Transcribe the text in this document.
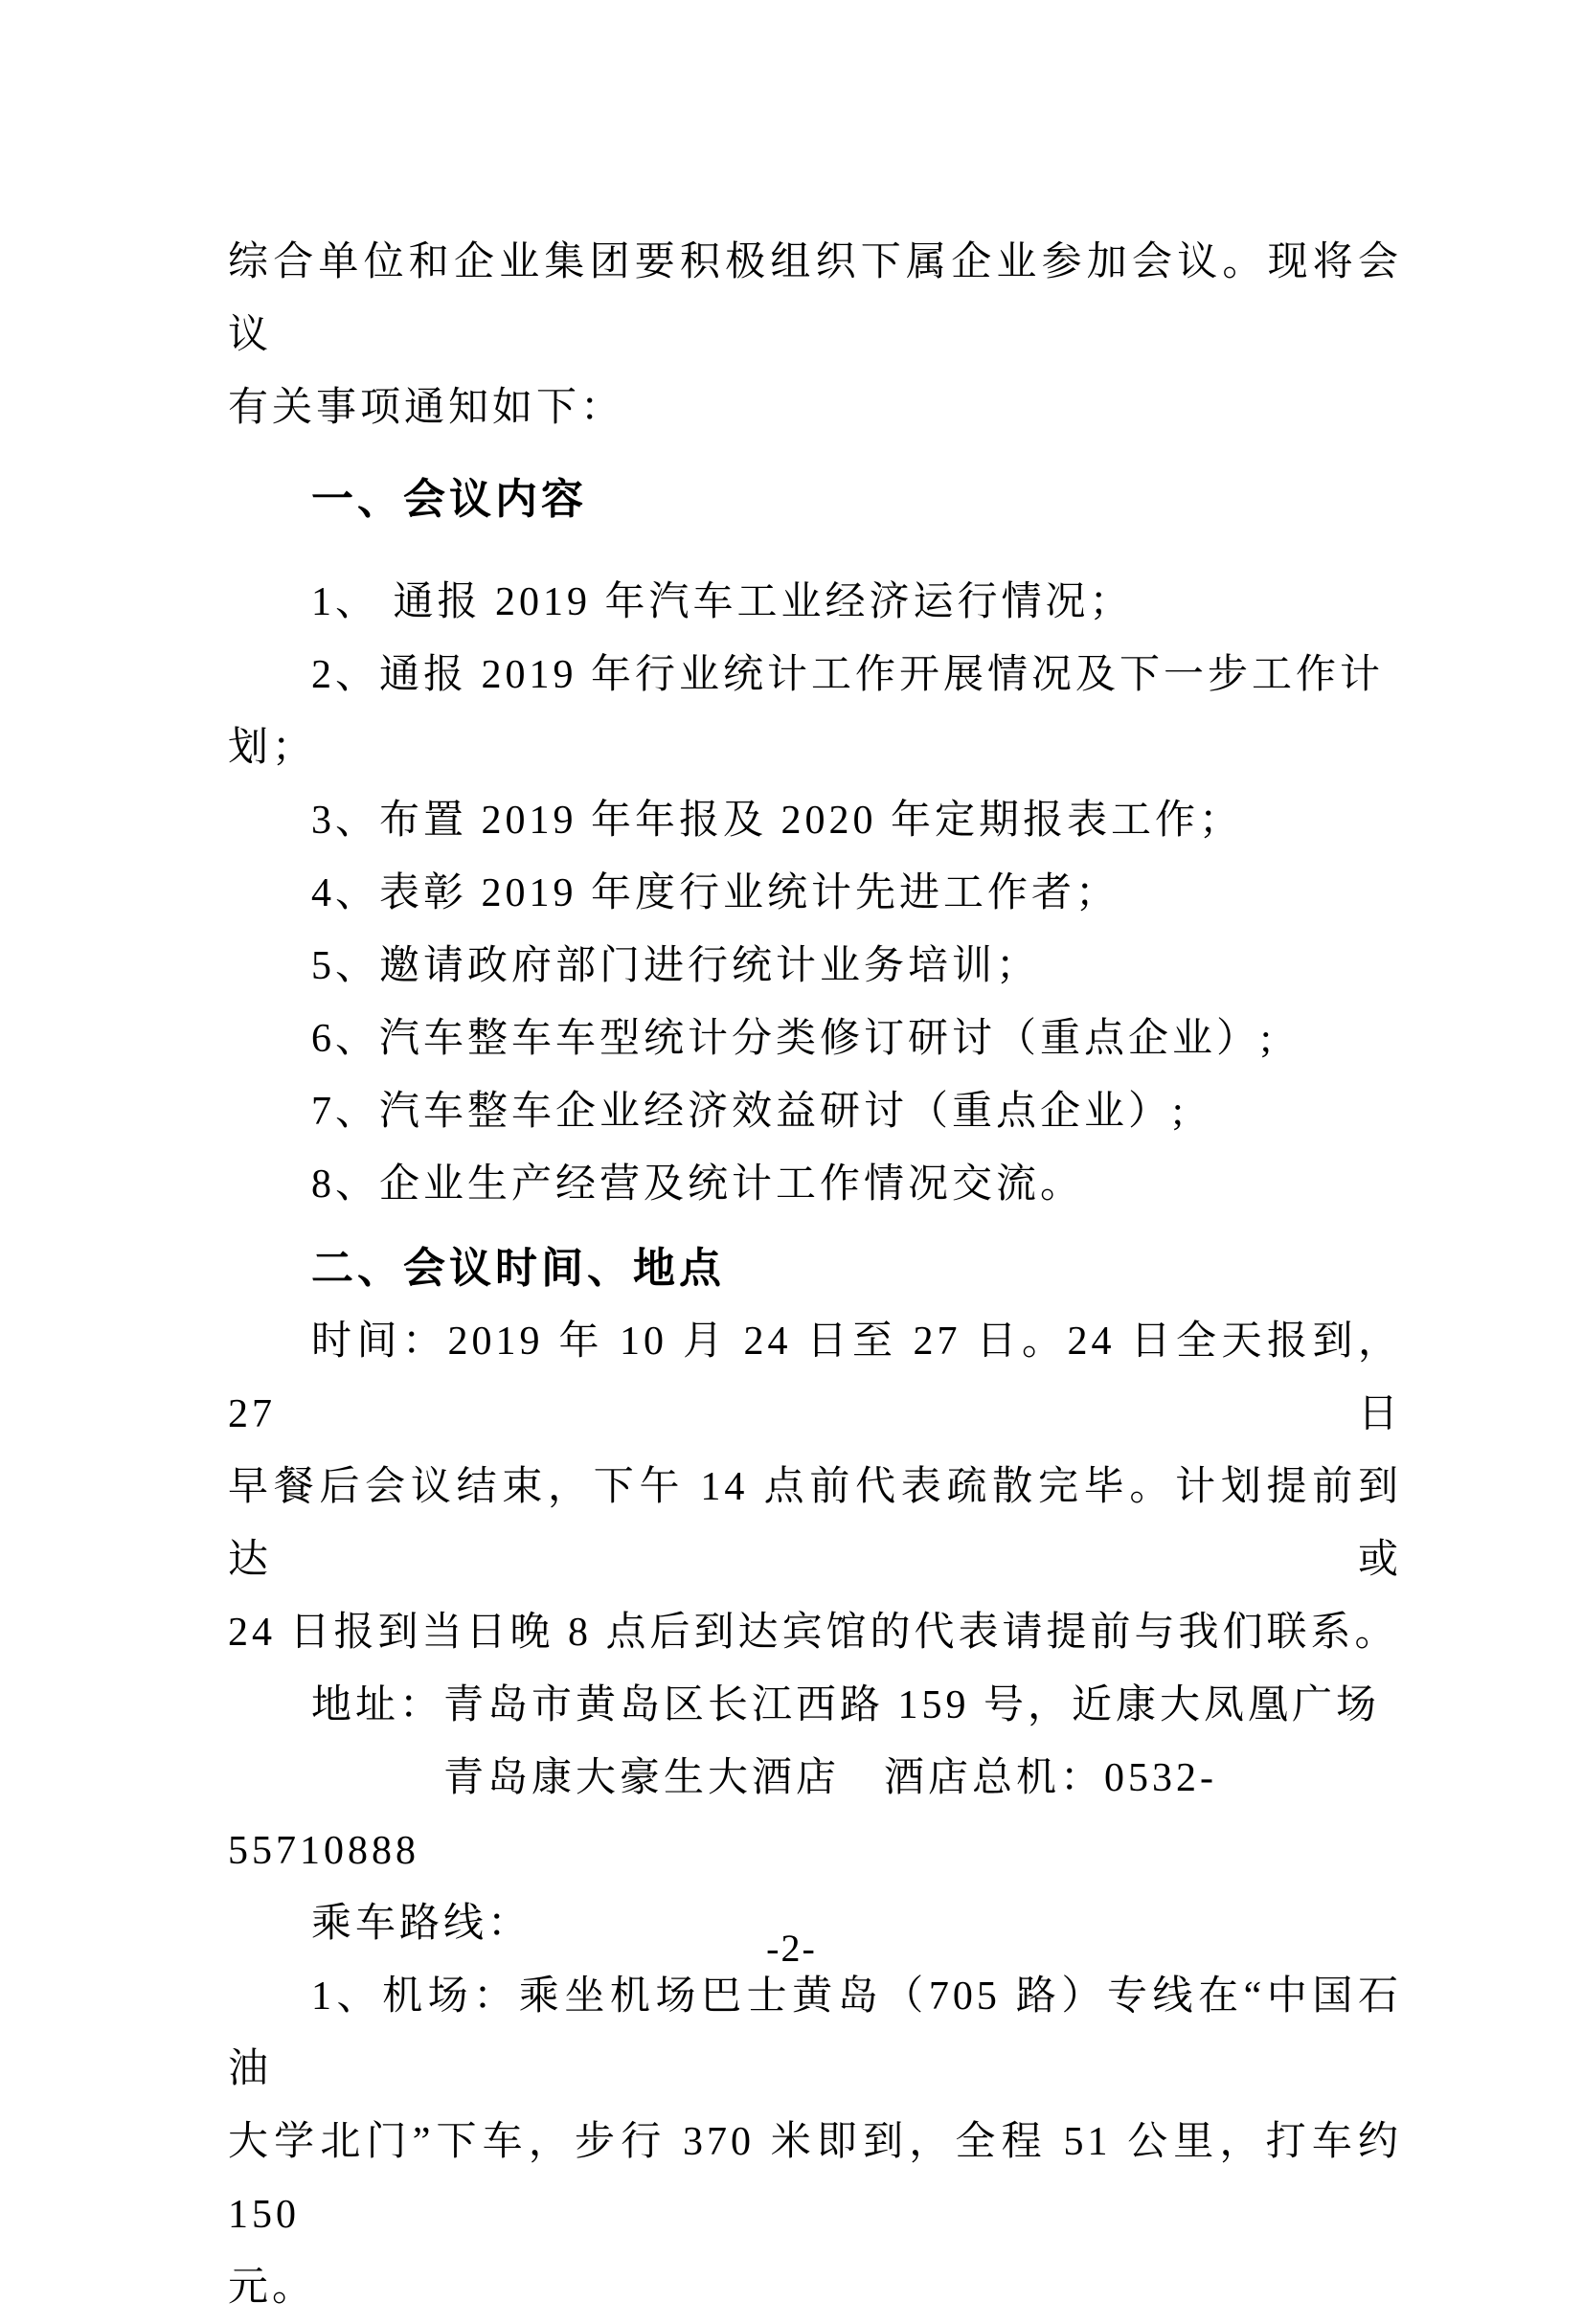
综合单位和企业集团要积极组织下属企业参加会议。现将会议
有关事项通知如下：
一、会议内容
1、 通报 2019 年汽车工业经济运行情况；
2、通报 2019 年行业统计工作开展情况及下一步工作计划；
3、布置 2019 年年报及 2020 年定期报表工作；
4、表彰 2019 年度行业统计先进工作者；
5、邀请政府部门进行统计业务培训；
6、汽车整车车型统计分类修订研讨（重点企业）;
7、汽车整车企业经济效益研讨（重点企业）;
8、企业生产经营及统计工作情况交流。
二、会议时间、地点
时间：2019 年 10 月 24 日至 27 日。24 日全天报到，27 日
早餐后会议结束，下午 14 点前代表疏散完毕。计划提前到达或
24 日报到当日晚 8 点后到达宾馆的代表请提前与我们联系。
地址：青岛市黄岛区长江西路 159 号，近康大凤凰广场
青岛康大豪生大酒店　酒店总机：0532-55710888
乘车路线：
1、机场：乘坐机场巴士黄岛（705 路）专线在“中国石油
大学北门”下车，步行 370 米即到，全程 51 公里，打车约 150
元。
-2-
